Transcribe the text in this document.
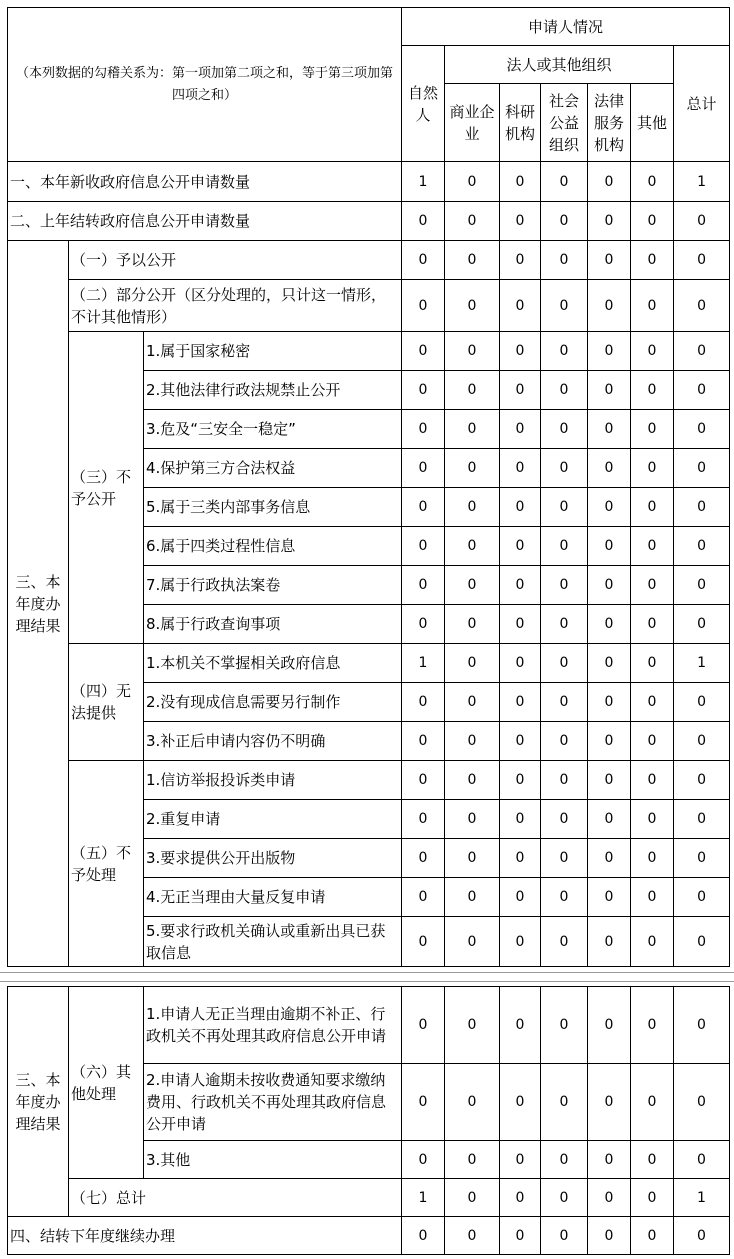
（本列数据的勾稽关系为：第一项加第二项之和，等于第三项加第四项之和）			申请人情况						
			自然人	法人或其他组织					总计
				商业企业	科研机构	社会公益组织	法律服务机构	其他	
一、本年新收政府信息公开申请数量			1	0	0	0	0	0	1
二、上年结转政府信息公开申请数量			0	0	0	0	0	0	0
三、本年度办理结果	（一）予以公开		0	0	0	0	0	0	0
	（二）部分公开（区分处理的，只计这一情形，不计其他情形）		0	0	0	0	0	0	0
	（三）不予公开	1.属于国家秘密	0	0	0	0	0	0	0
		2.其他法律行政法规禁止公开	0	0	0	0	0	0	0
		3.危及“三安全一稳定”	0	0	0	0	0	0	0
		4.保护第三方合法权益	0	0	0	0	0	0	0
		5.属于三类内部事务信息	0	0	0	0	0	0	0
		6.属于四类过程性信息	0	0	0	0	0	0	0
		7.属于行政执法案卷	0	0	0	0	0	0	0
		8.属于行政查询事项	0	0	0	0	0	0	0
	（四）无法提供	1.本机关不掌握相关政府信息	1	0	0	0	0	0	1
		2.没有现成信息需要另行制作	0	0	0	0	0	0	0
		3.补正后申请内容仍不明确	0	0	0	0	0	0	0
	（五）不予处理	1.信访举报投诉类申请	0	0	0	0	0	0	0
		2.重复申请	0	0	0	0	0	0	0
		3.要求提供公开出版物	0	0	0	0	0	0	0
		4.无正当理由大量反复申请	0	0	0	0	0	0	0
		5.要求行政机关确认或重新出具已获取信息	0	0	0	0	0	0	0
三、本年度办理结果	（六）其他处理	1.申请人无正当理由逾期不补正、行政机关不再处理其政府信息公开申请	0	0	0	0	0	0	0
		2.申请人逾期未按收费通知要求缴纳费用、行政机关不再处理其政府信息公开申请	0	0	0	0	0	0	0
		3.其他	0	0	0	0	0	0	0
	（七）总计		1	0	0	0	0	0	1
四、结转下年度继续办理			0	0	0	0	0	0	0
